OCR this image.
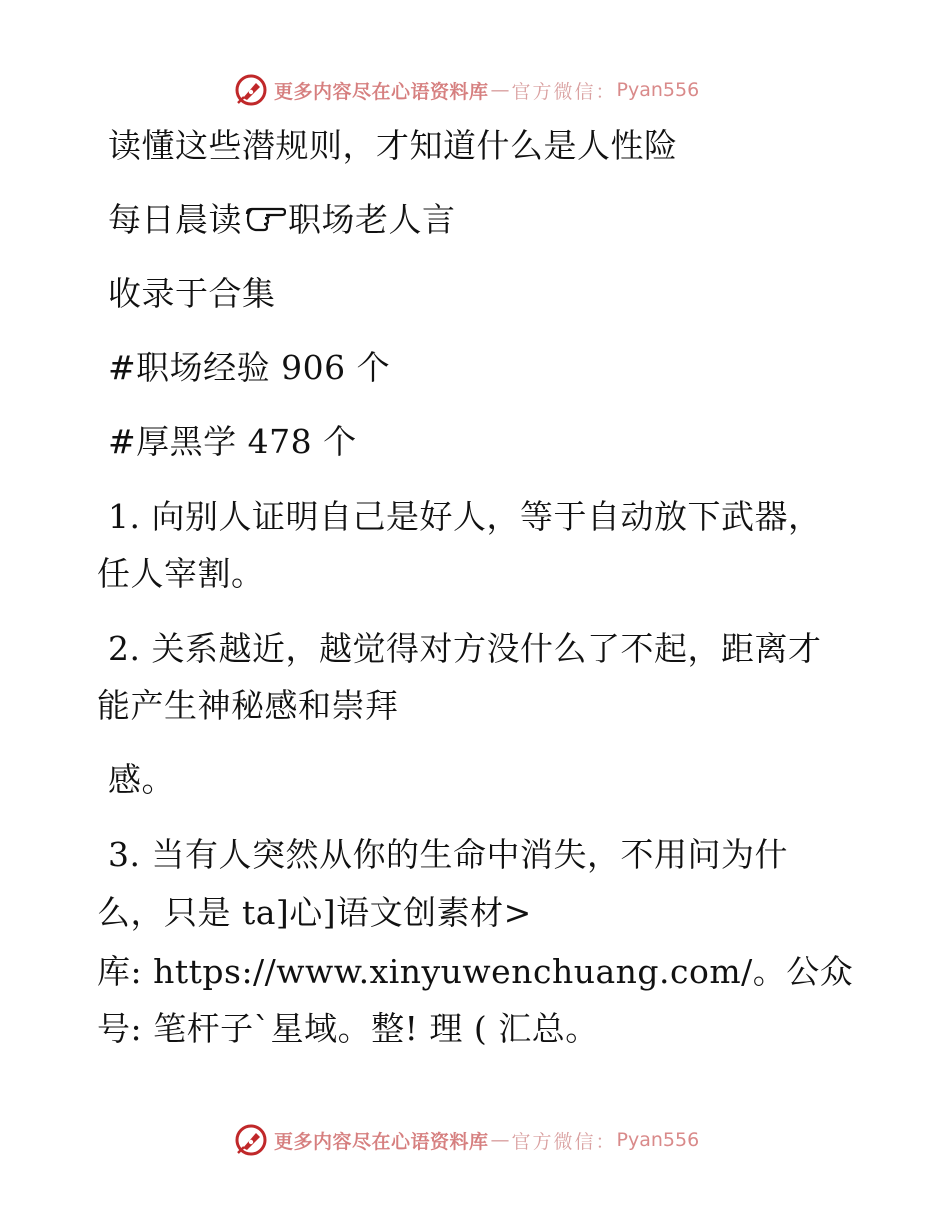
更多内容尽在心语资料库 — 官方微信： Pyan556
读懂这些潜规则，才知道什么是人性险
每日晨读 职场老人言
收录于合集
#职场经验 906 个
#厚黑学 478 个
1. 向别人证明自己是好人，等于自动放下武器，
任人宰割。
2. 关系越近，越觉得对方没什么了不起，距离才
能产生神秘感和崇拜
感。
3. 当有人突然从你的生命中消失，不用问为什
么，只是 ta]心]语文创素材>
库: https://www.xinyuwenchuang.com/。公众
号: 笔杆子`星域。整! 理 ( 汇总。
更多内容尽在心语资料库 — 官方微信： Pyan556
